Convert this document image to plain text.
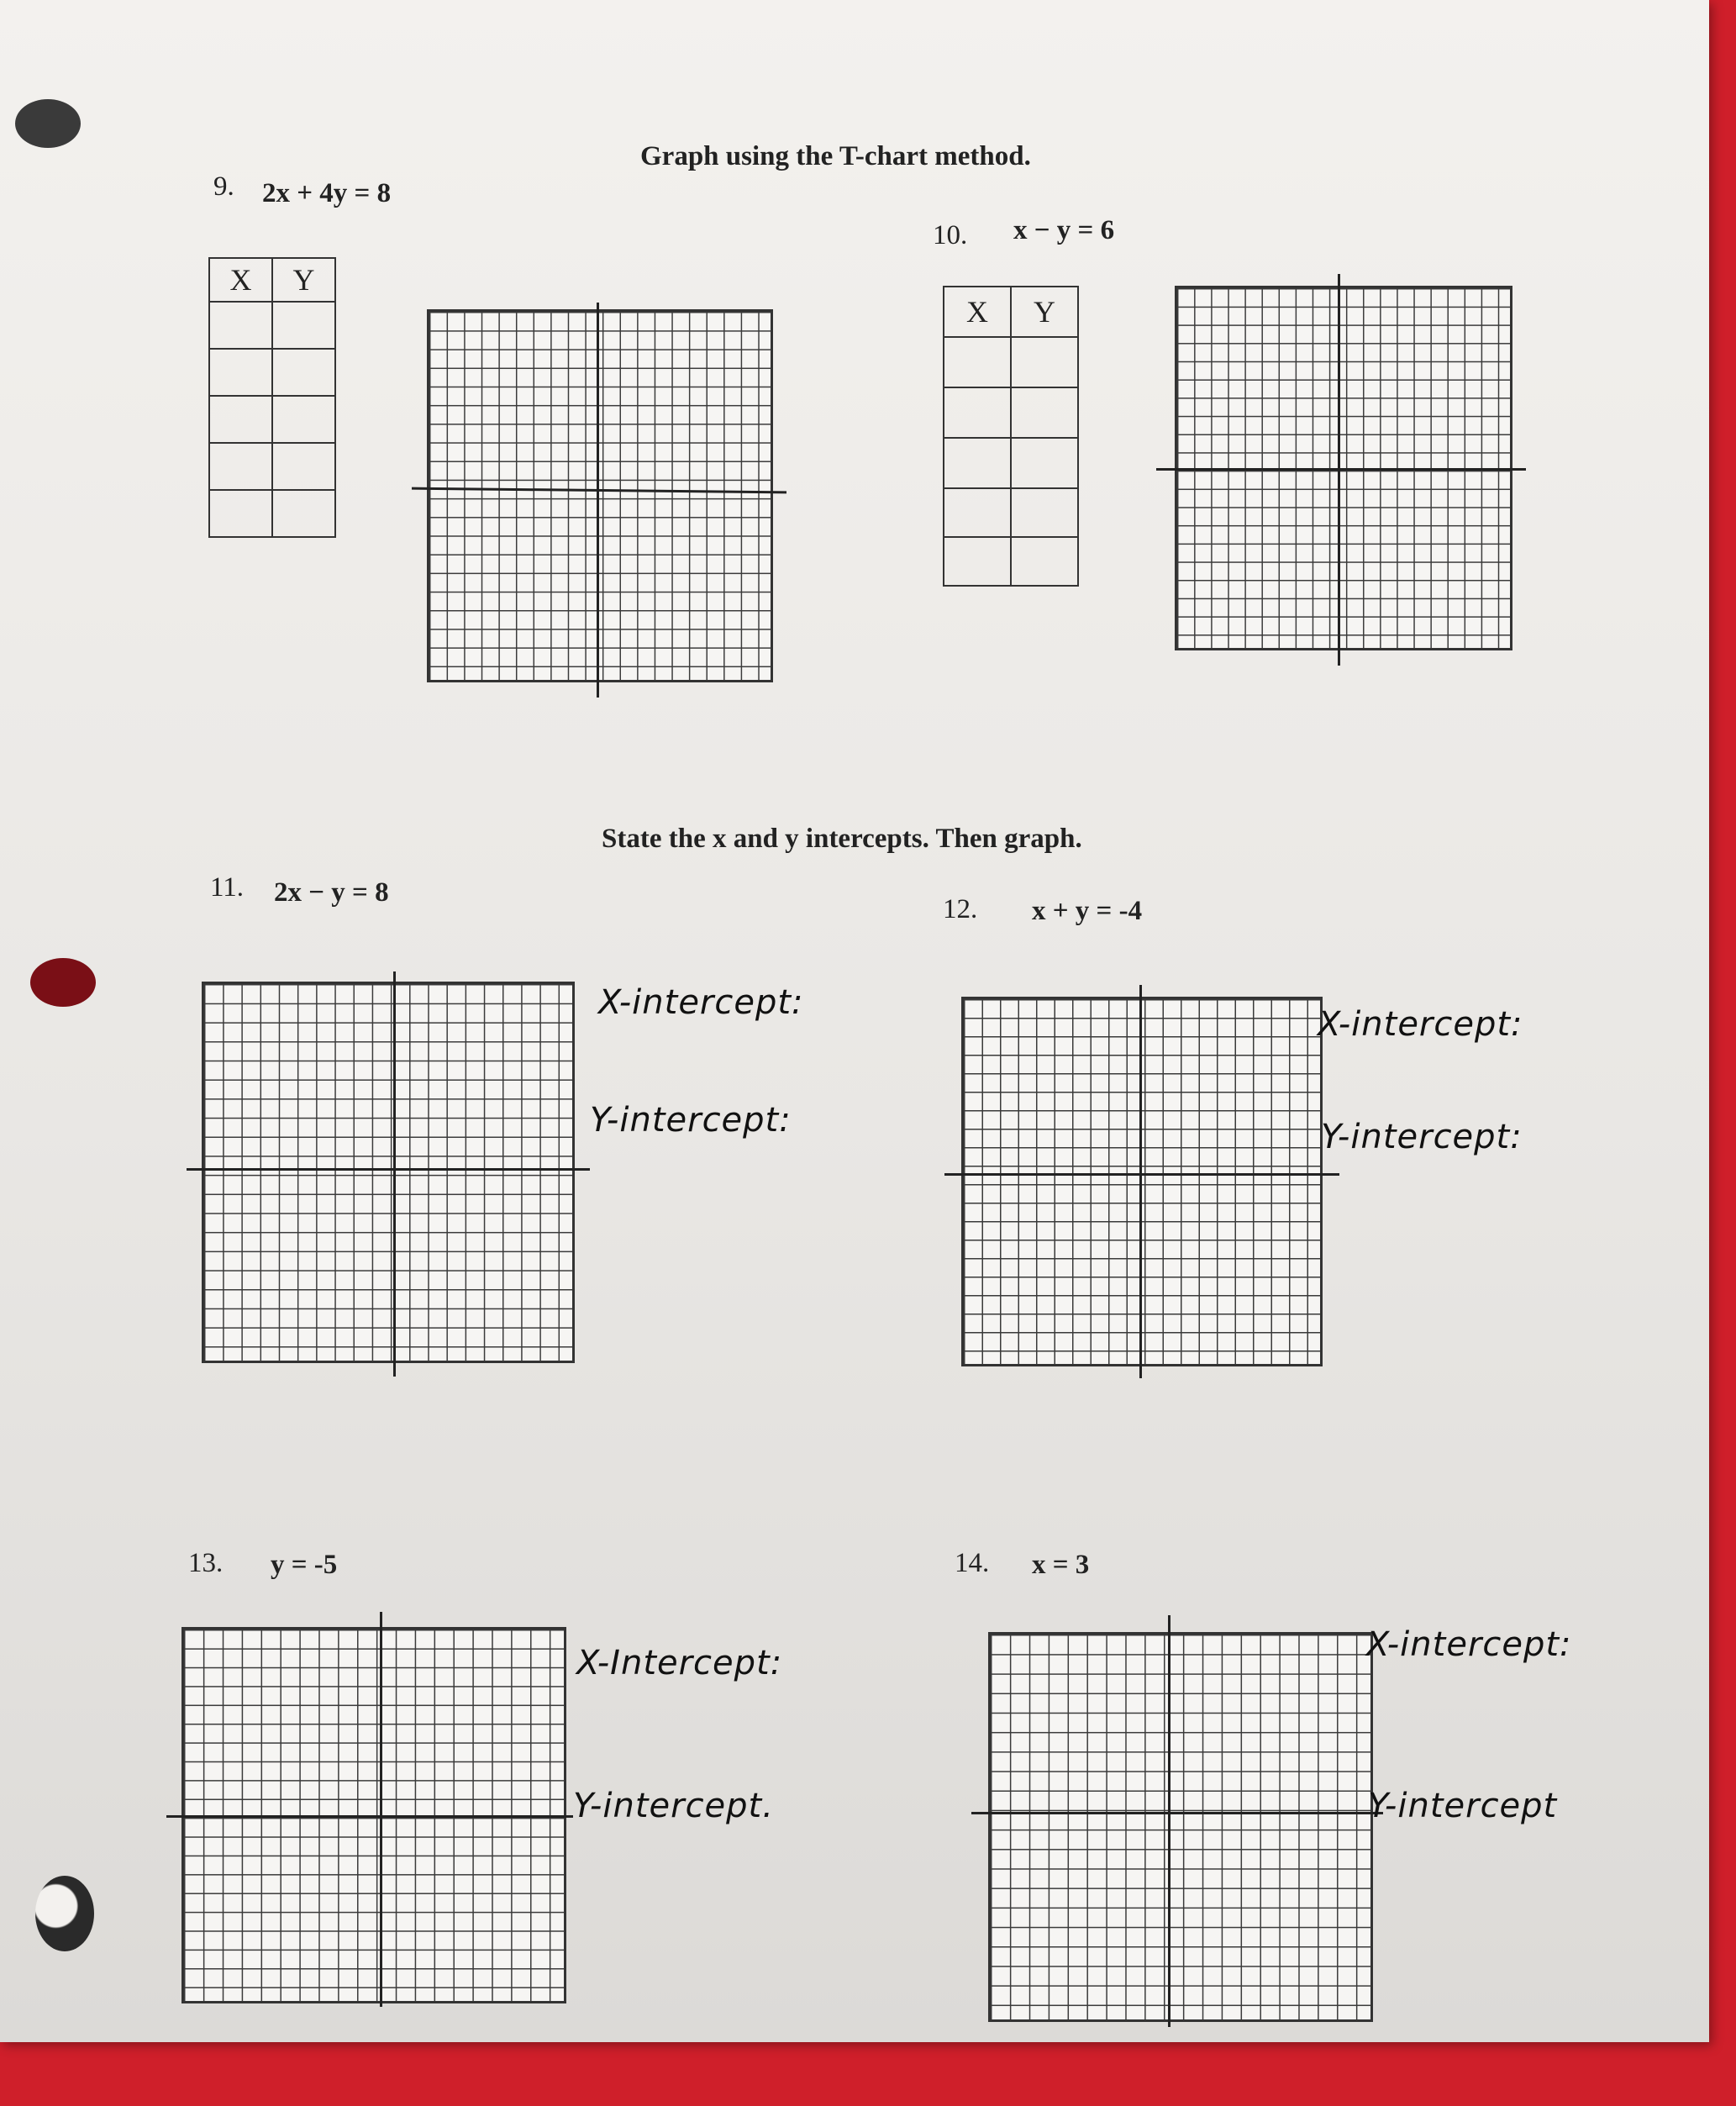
Graph using the T-chart method.
9. 2x + 4y = 8
X	Y

10. x − y = 6
X	Y

State the x and y intercepts. Then graph.
11. 2x − y = 8
X-intercept:
Y-intercept:
12. x + y = -4
X-intercept:
Y-intercept:
13. y = -5
X-Intercept:
Y-intercept.
14. x = 3
X-intercept:
Y-intercept
